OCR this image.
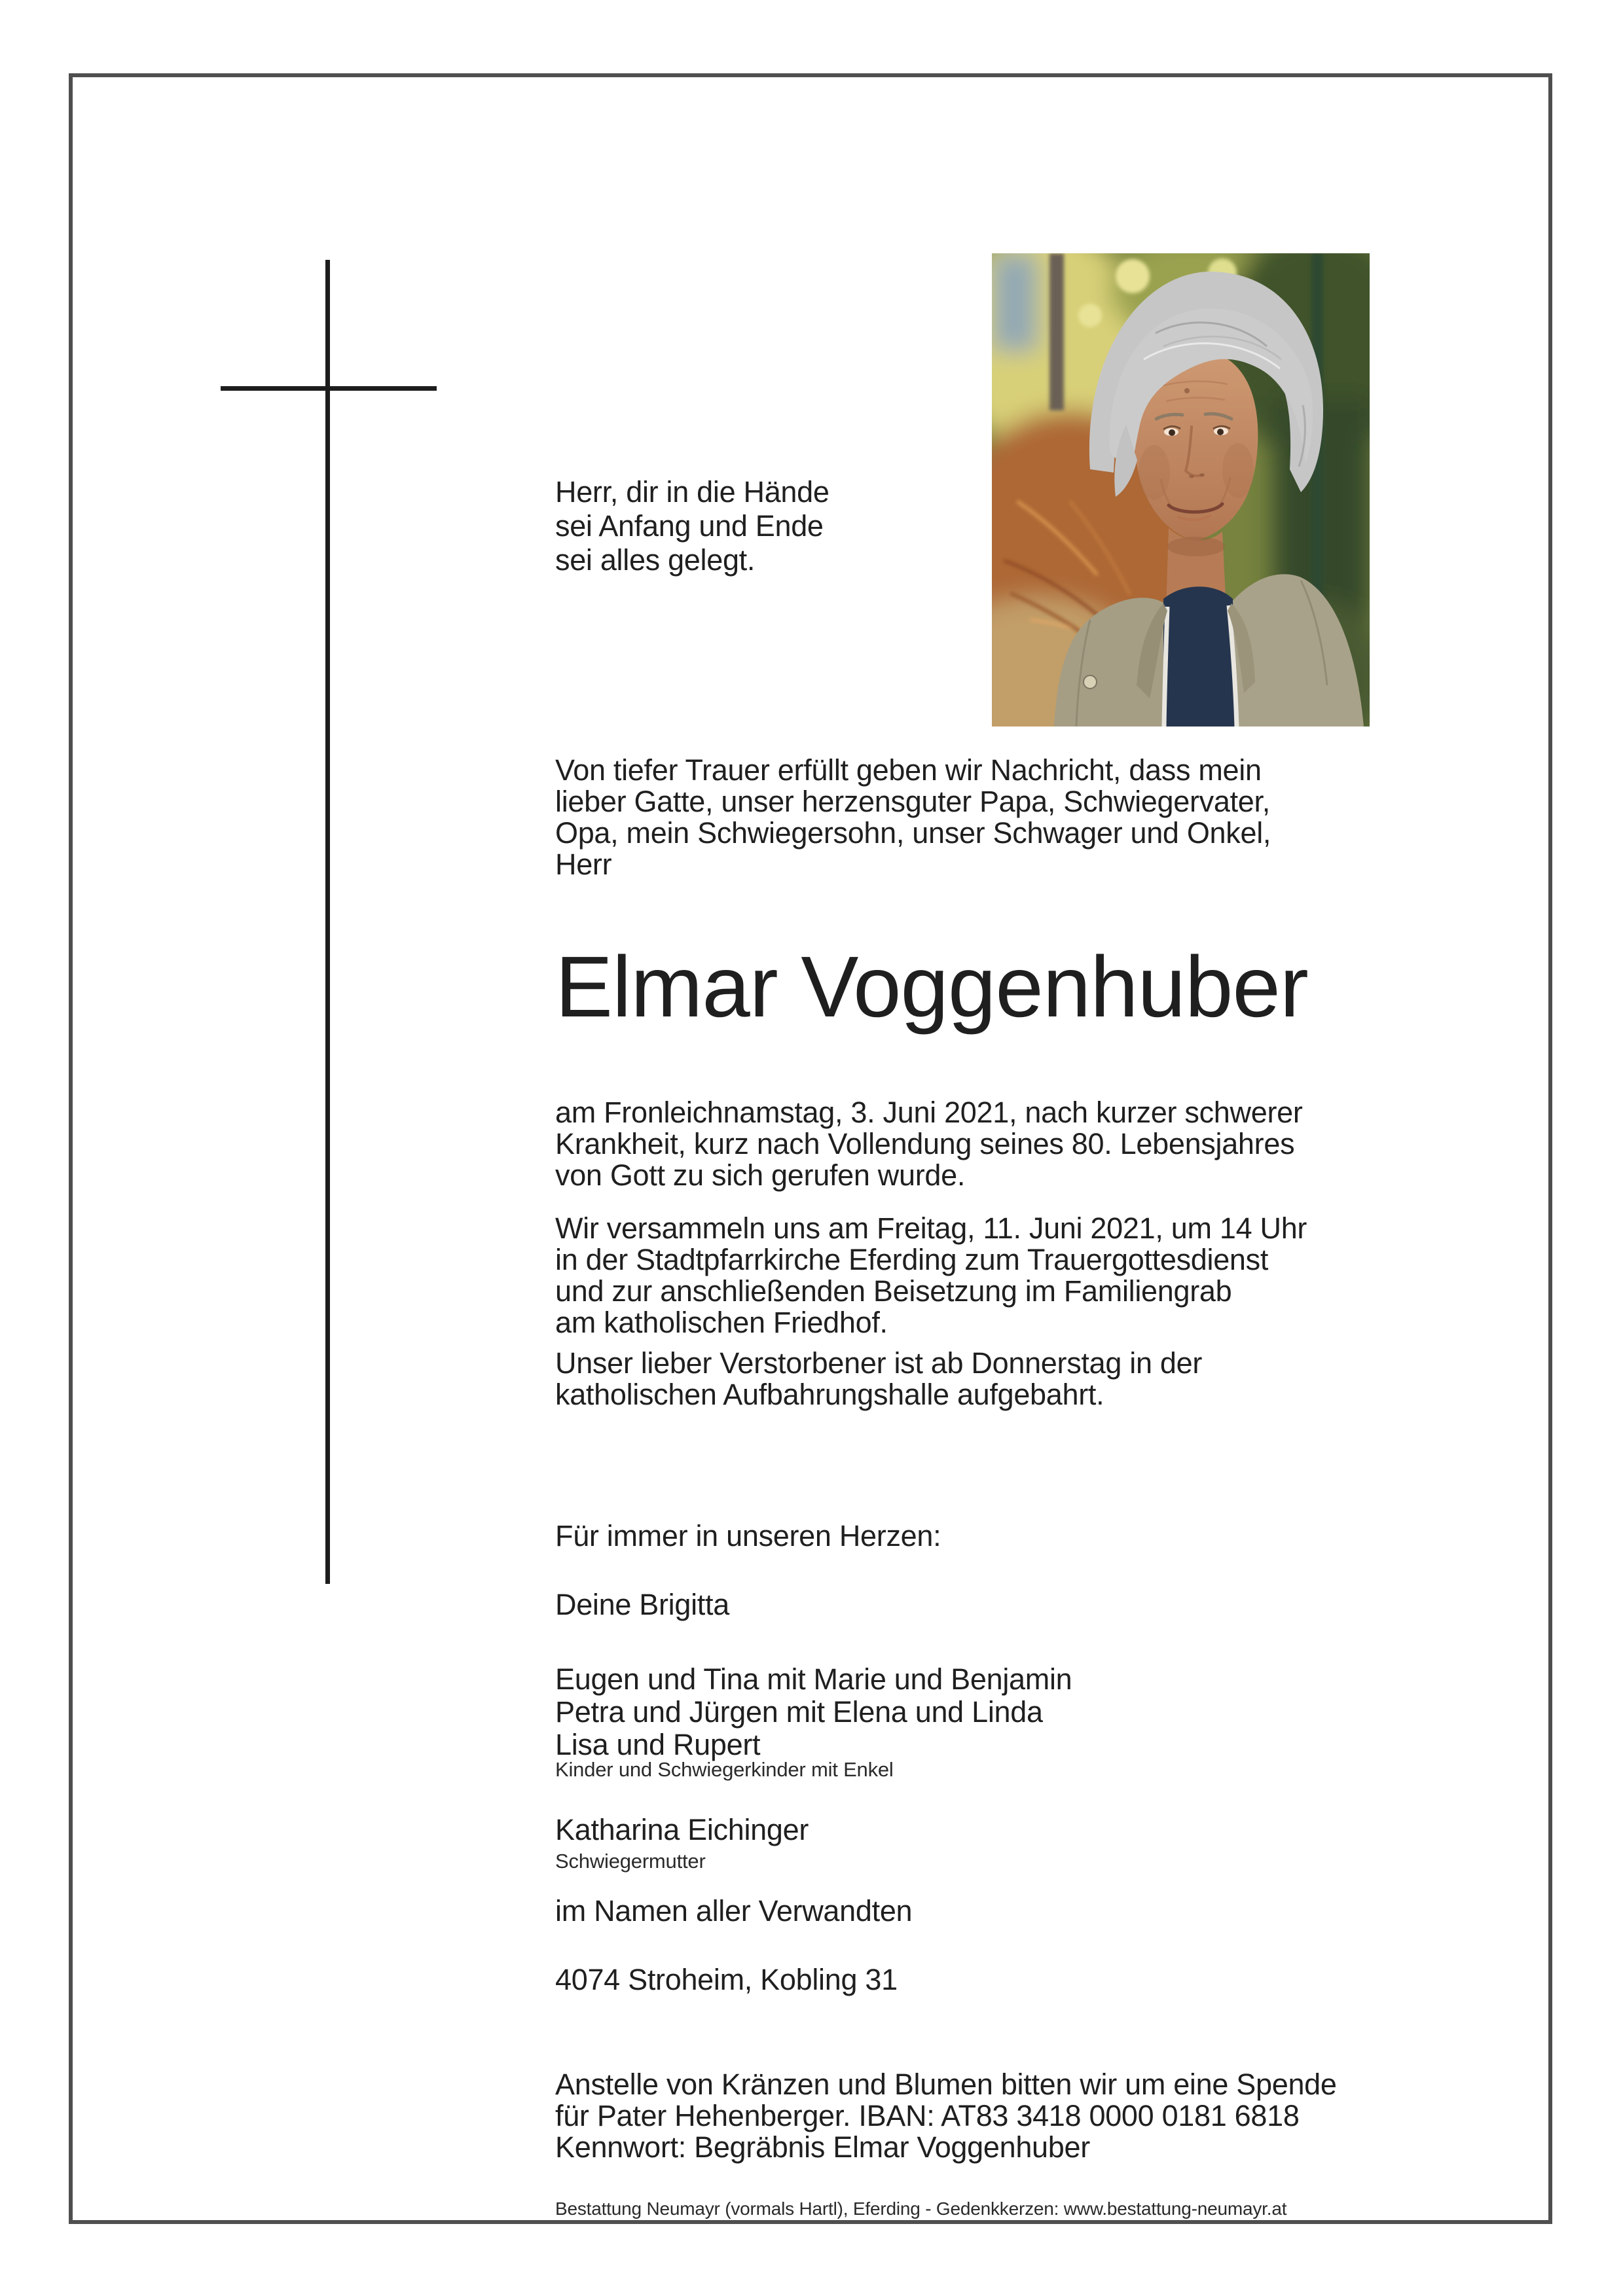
Herr, dir in die Hände
sei Anfang und Ende
sei alles gelegt.
Von tiefer Trauer erfüllt geben wir Nachricht, dass mein
lieber Gatte, unser herzensguter Papa, Schwiegervater,
Opa, mein Schwiegersohn, unser Schwager und Onkel,
Herr
Elmar Voggenhuber
am Fronleichnamstag, 3. Juni 2021, nach kurzer schwerer
Krankheit, kurz nach Vollendung seines 80. Lebensjahres
von Gott zu sich gerufen wurde.
Wir versammeln uns am Freitag, 11. Juni 2021, um 14 Uhr
in der Stadtpfarrkirche Eferding zum Trauergottesdienst
und zur anschließenden Beisetzung im Familiengrab
am katholischen Friedhof.
Unser lieber Verstorbener ist ab Donnerstag in der
katholischen Aufbahrungshalle aufgebahrt.
Für immer in unseren Herzen:
Deine Brigitta
Eugen und Tina mit Marie und Benjamin
Petra und Jürgen mit Elena und Linda
Lisa und Rupert
Kinder und Schwiegerkinder mit Enkel
Katharina Eichinger
Schwiegermutter
im Namen aller Verwandten
4074 Stroheim, Kobling 31
Anstelle von Kränzen und Blumen bitten wir um eine Spende
für Pater Hehenberger. IBAN: AT83 3418 0000 0181 6818
Kennwort: Begräbnis Elmar Voggenhuber
Bestattung Neumayr (vormals Hartl), Eferding - Gedenkkerzen: www.bestattung-neumayr.at
